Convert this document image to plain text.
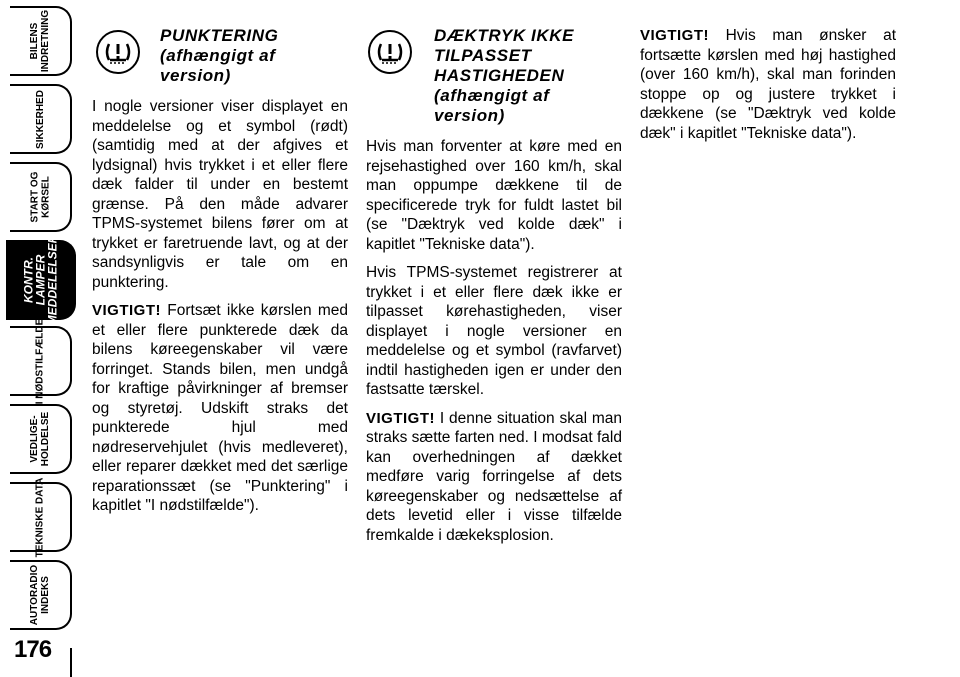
BILENS
INDRETNING
SIKKERHED
START OG
KØRSEL
KONTR.
LAMPER
MEDDELELSER
I NØDSTILFÆLDE
VEDLIGE-
HOLDELSE
TEKNISKE DATA
AUTORADIO
INDEKS
176
PUNKTERING
(afhængigt af
version)

I nogle versioner viser displayet en meddelelse og et symbol (rødt) (samtidig med at der afgives et lydsignal) hvis trykket i et eller flere dæk falder til under en bestemt grænse. På den måde advarer TPMS-systemet bilens fører om at trykket er faretruende lavt, og at der sandsynligvis er tale om en punktering.

VIGTIGT! Fortsæt ikke kørslen med et eller flere punkterede dæk da bilens køreegenskaber vil være forringet. Stands bilen, men undgå for kraftige påvirkninger af bremser og styretøj. Udskift straks det punkterede hjul med nødreservehjulet (hvis medleveret), eller reparer dækket med det særlige reparationssæt (se "Punktering" i kapitlet "I nødstilfælde").

DÆKTRYK IKKE
TILPASSET
HASTIGHEDEN
(afhængigt af
version)

Hvis man forventer at køre med en rejsehastighed over 160 km/h, skal man oppumpe dækkene til de specificerede tryk for fuldt lastet bil (se "Dæktryk ved kolde dæk" i kapitlet "Tekniske data").

Hvis TPMS-systemet registrerer at trykket i et eller flere dæk ikke er tilpasset kørehastigheden, viser displayet i nogle versioner en meddelelse og et symbol (ravfarvet) indtil hastigheden igen er under den fastsatte tærskel.

VIGTIGT! I denne situation skal man straks sætte farten ned. I modsat fald kan overhedningen af dækket medføre varig forringelse af dets køreegenskaber og nedsættelse af dets levetid eller i visse tilfælde fremkalde i dækeksplosion.

VIGTIGT! Hvis man ønsker at fortsætte kørslen med høj hastighed (over 160 km/h), skal man forinden stoppe op og justere trykket i dækkene (se "Dæktryk ved kolde dæk" i kapitlet "Tekniske data").
